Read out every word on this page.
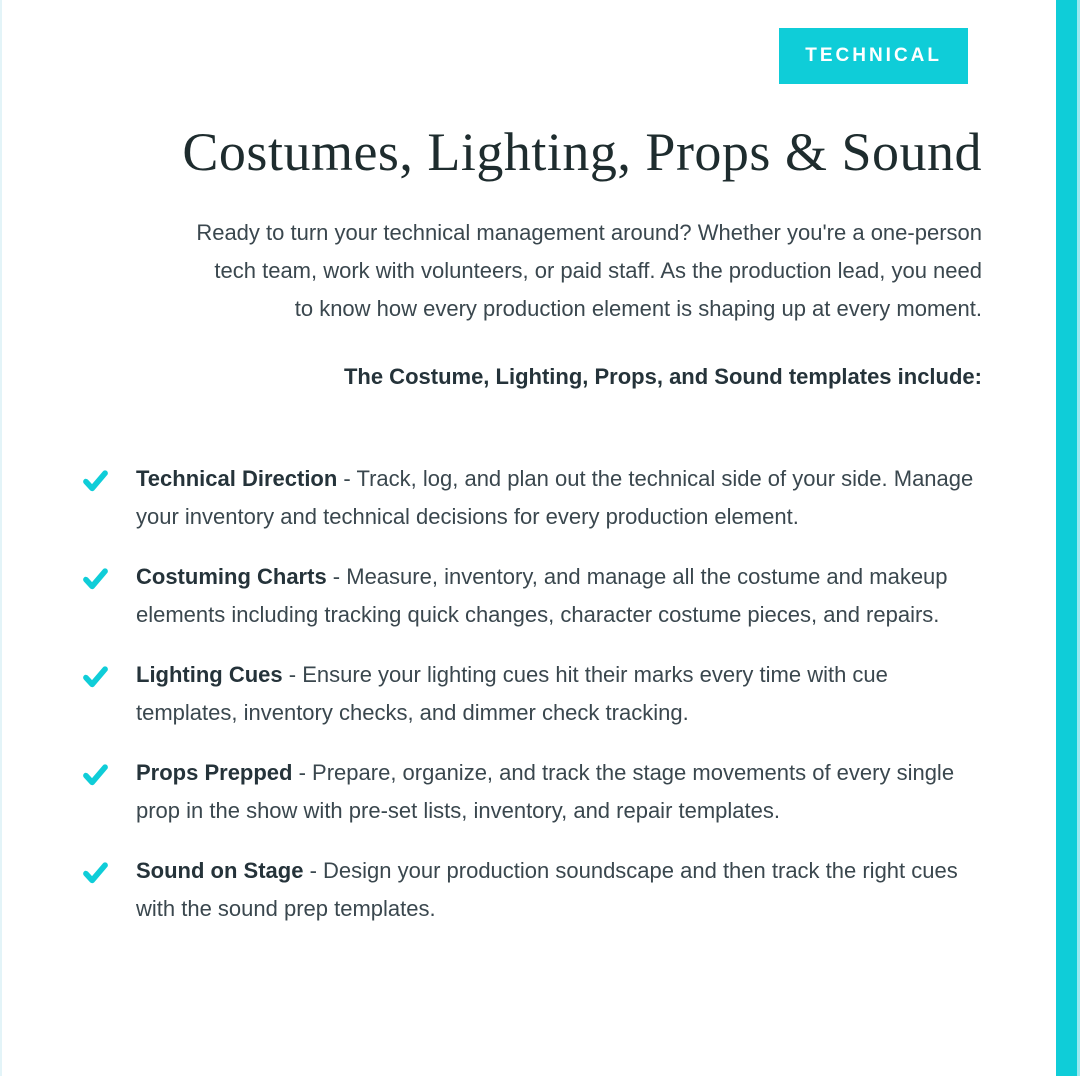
TECHNICAL
Costumes, Lighting, Props & Sound
Ready to turn your technical management around? Whether you're a one-person
tech team, work with volunteers, or paid staff. As the production lead, you need
to know how every production element is shaping up at every moment.

The Costume, Lighting, Props, and Sound templates include:

Technical Direction - Track, log, and plan out the technical side of your side. Manage your inventory and technical decisions for every production element.
Costuming Charts - Measure, inventory, and manage all the costume and makeup elements including tracking quick changes, character costume pieces, and repairs.
Lighting Cues - Ensure your lighting cues hit their marks every time with cue templates, inventory checks, and dimmer check tracking.
Props Prepped - Prepare, organize, and track the stage movements of every single prop in the show with pre-set lists, inventory, and repair templates.
Sound on Stage - Design your production soundscape and then track the right cues with the sound prep templates.
